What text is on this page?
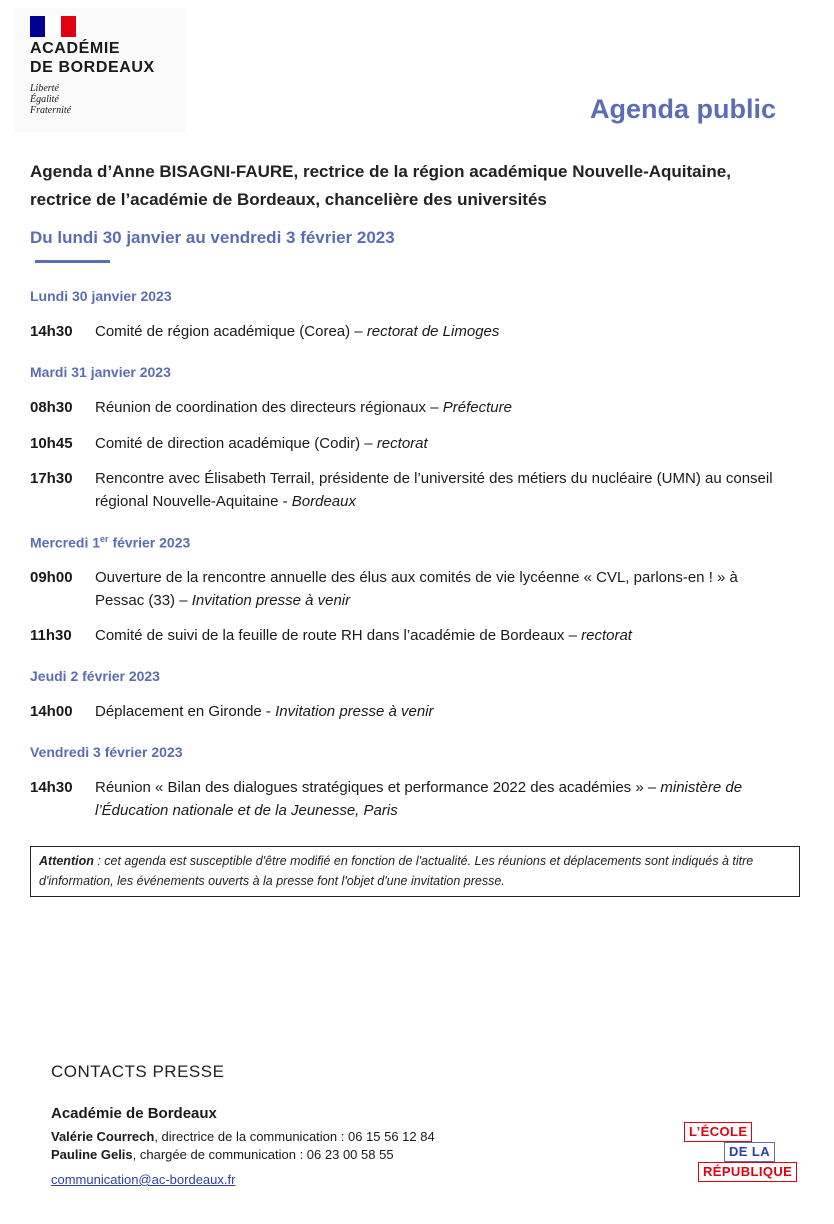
ACADÉMIE
DE BORDEAUX
Liberté
Égalité
Fraternité	Agenda public
Agenda d’Anne BISAGNI-FAURE, rectrice de la région académique Nouvelle-Aquitaine, rectrice de l’académie de Bordeaux, chancelière des universités
Du lundi 30 janvier au vendredi 3 février 2023
Lundi 30 janvier 2023
14h30 Comité de région académique (Corea) – rectorat de Limoges
Mardi 31 janvier 2023
08h30 Réunion de coordination des directeurs régionaux – Préfecture
10h45 Comité de direction académique (Codir) – rectorat
17h30 Rencontre avec Élisabeth Terrail, présidente de l’université des métiers du nucléaire (UMN) au conseil régional Nouvelle-Aquitaine - Bordeaux
Mercredi 1er février 2023
09h00 Ouverture de la rencontre annuelle des élus aux comités de vie lycéenne « CVL, parlons-en ! » à Pessac (33) – Invitation presse à venir
11h30 Comité de suivi de la feuille de route RH dans l’académie de Bordeaux – rectorat
Jeudi 2 février 2023
14h00 Déplacement en Gironde - Invitation presse à venir
Vendredi 3 février 2023
14h30 Réunion « Bilan des dialogues stratégiques et performance 2022 des académies » – ministère de l’Éducation nationale et de la Jeunesse, Paris
Attention : cet agenda est susceptible d'être modifié en fonction de l'actualité. Les réunions et déplacements sont indiqués à titre d'information, les événements ouverts à la presse font l'objet d'une invitation presse.
CONTACTS PRESSE
Académie de Bordeaux
Valérie Courrech, directrice de la communication : 06 15 56 12 84
Pauline Gelis, chargée de communication : 06 23 00 58 55
communication@ac-bordeaux.fr
L’ÉCOLE
DE LA
RÉPUBLIQUE
